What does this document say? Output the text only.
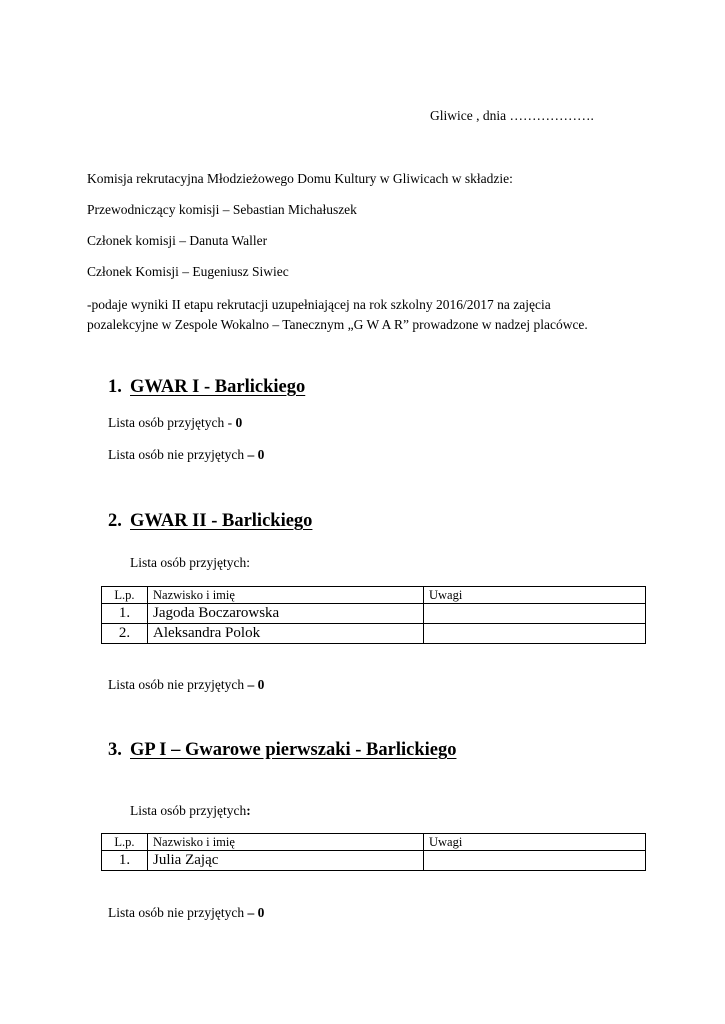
Gliwice , dnia ……………….
Komisja rekrutacyjna Młodzieżowego Domu Kultury w Gliwicach w składzie:
Przewodniczący komisji – Sebastian Michałuszek
Członek komisji – Danuta Waller
Członek Komisji – Eugeniusz Siwiec
-podaje wyniki II etapu rekrutacji uzupełniającej na rok szkolny 2016/2017 na zajęcia
pozalekcyjne w Zespole Wokalno – Tanecznym „G W A R” prowadzone w nadzej placówce.
1. GWAR I - Barlickiego
Lista osób przyjętych - 0
Lista osób nie przyjętych – 0
2. GWAR II - Barlickiego
Lista osób przyjętych:
L.p.	Nazwisko i imię	Uwagi
1.	Jagoda Boczarowska	
2.	Aleksandra Polok	
Lista osób nie przyjętych – 0
3. GP I – Gwarowe pierwszaki - Barlickiego
Lista osób przyjętych:
L.p.	Nazwisko i imię	Uwagi
1.	Julia Zając	
Lista osób nie przyjętych – 0
